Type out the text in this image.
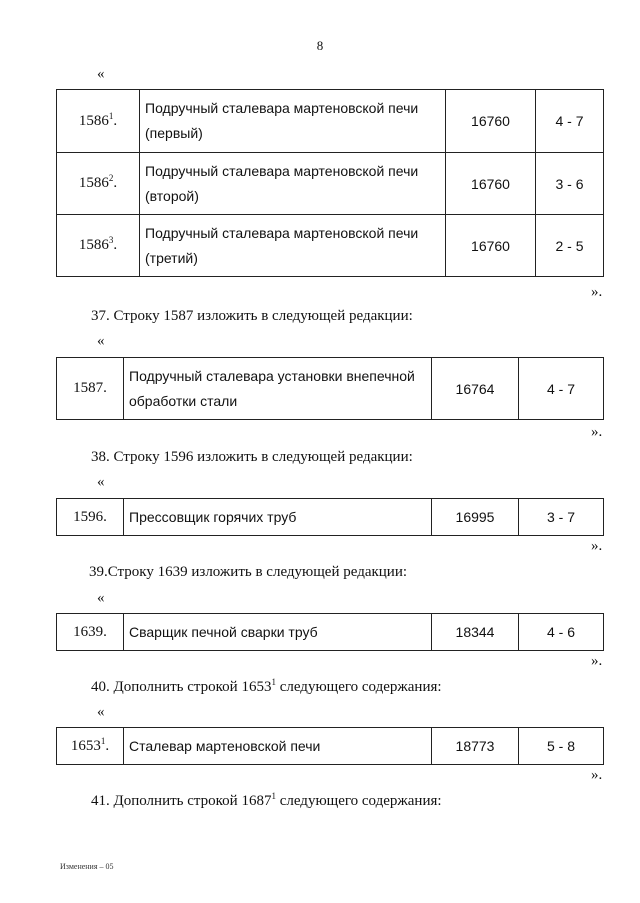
8
«
1586$^1$.	Подручный сталевара мартеновской печи (первый)	16760	4 - 7
1586$^2$.	Подручный сталевара мартеновской печи (второй)	16760	3 - 6
1586$^3$.	Подручный сталевара мартеновской печи (третий)	16760	2 - 5
».
37. Строку 1587 изложить в следующей редакции:
«
1587.	Подручный сталевара установки внепечной обработки стали	16764	4 - 7
».
38. Строку 1596 изложить в следующей редакции:
«
1596.	Прессовщик горячих труб	16995	3 - 7
».
39.Строку 1639 изложить в следующей редакции:
«
1639.	Сварщик печной сварки труб	18344	4 - 6
».
40. Дополнить строкой 1653$^1$ следующего содержания:
«
1653$^1$.	Сталевар мартеновской печи	18773	5 - 8
».
41. Дополнить строкой 1687$^1$ следующего содержания:
Изменения – 05
